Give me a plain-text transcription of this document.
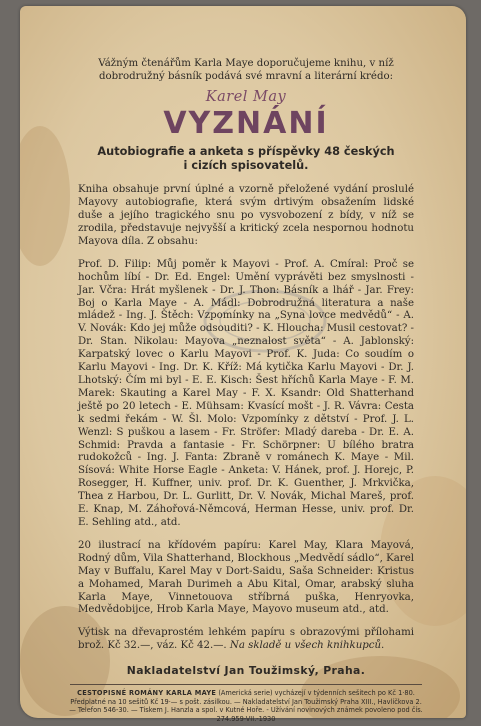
Vážným čtenářům Karla Maye doporučujeme knihu, v níž dobrodružný básník podává své mravní a literární krédo:

Karel May
VYZNÁNÍ
Autobiografie a anketa s příspěvky 48 českých
i cizích spisovatelů.

Kniha obsahuje první úplné a vzorně přeložené vydání proslulé Mayovy autobiografie, která svým drtivým obsažením lidské duše a jejího tragického snu po vysvobození z bídy, v níž se zrodila, představuje nejvyšší a kritický zcela nespornou hodnotu Mayova díla. Z obsahu:

Prof. D. Filip: Můj poměr k Mayovi - Prof. A. Cmíral: Proč se hochům líbí - Dr. Ed. Engel: Umění vyprávěti bez smyslnosti - Jar. Včra: Hrát myšlenek - Dr. J. Thon: Básník a lhář - Jar. Frey: Boj o Karla Maye - A. Mádl: Dobrodružná literatura a naše mládež - Ing. J. Štěch: Vzpomínky na „Syna lovce medvědů“ - A. V. Novák: Kdo jej může odsouditi? - K. Hloucha: Musil cestovat? - Dr. Stan. Nikolau: Mayova „neznalost světa“ - A. Jablonský: Karpatský lovec o Karlu Mayovi - Prof. K. Juda: Co soudím o Karlu Mayovi - Ing. Dr. K. Kříž: Má kytička Karlu Mayovi - Dr. J. Lhotský: Čím mi byl - E. E. Kisch: Šest hříchů Karla Maye - F. M. Marek: Skauting a Karel May - F. X. Ksandr: Old Shatterhand ještě po 20 letech - E. Mühsam: Kvasící mošt - J. R. Vávra: Cesta k sedmi řekám - W. Šl. Molo: Vzpomínky z dětství - Prof. J. L. Wenzl: S puškou a lasem - Fr. Ströfer: Mladý dareba - Dr. E. A. Schmid: Pravda a fantasie - Fr. Schörpner: U bílého bratra rudokožců - Ing. J. Fanta: Zbraně v románech K. Maye - Mil. Sísová: White Horse Eagle - Anketa: V. Hánek, prof. J. Horejc, P. Rosegger, H. Kuffner, univ. prof. Dr. K. Guenther, J. Mrkvička, Thea z Harbou, Dr. L. Gurlitt, Dr. V. Novák, Michal Mareš, prof. E. Knap, M. Záhořová-Němcová, Herman Hesse, univ. prof. Dr. E. Sehling atd., atd.

20 ilustrací na křídovém papíru: Karel May, Klara Mayová, Rodný dům, Vila Shatterhand, Blockhous „Medvědí sádlo“, Karel May v Buffalu, Karel May v Dort-Saidu, Saša Schneider: Kristus a Mohamed, Marah Durimeh a Abu Kital, Omar, arabský sluha Karla Maye, Vinnetouova stříbrná puška, Henryovka, Medvědobijce, Hrob Karla Maye, Mayovo museum atd., atd.

Výtisk na dřevaprostém lehkém papíru s obrazovými přílohami brož. Kč 32.—, váz. Kč 42.—. Na skladě u všech knihkupců.

Nakladatelství Jan Toužimský, Praha.
CESTOPISNÉ ROMÁNY KARLA MAYE (Americká serie) vycházejí v týdenních sešitech po Kč 1·80. Předplatné na 10 sešitů Kč 19·— s pošt. zásilkou. — Nakladatelství Jan Toužimský Praha XIII., Havlíčkova 2. — Telefon 546-30. — Tiskem J. Hanzla a spol. v Kutné Hoře. - Užívání novinových známek povoleno pod čís. 274.959-VII.-1930
